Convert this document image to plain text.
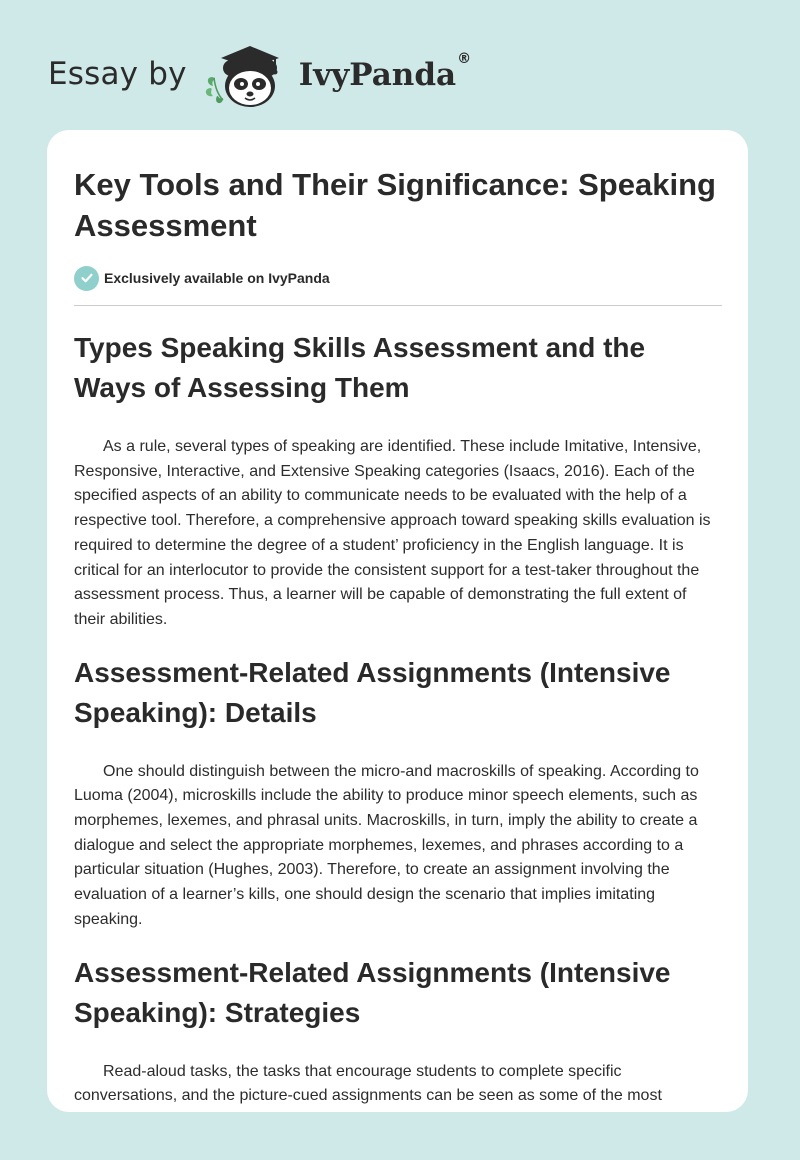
Essay by	IvyPanda®
Key Tools and Their Significance: Speaking Assessment
Exclusively available on IvyPanda
Types Speaking Skills Assessment and the Ways of Assessing Them

As a rule, several types of speaking are identified. These include Imitative, Intensive, Responsive, Interactive, and Extensive Speaking categories (Isaacs, 2016). Each of the specified aspects of an ability to communicate needs to be evaluated with the help of a respective tool. Therefore, a comprehensive approach toward speaking skills evaluation is required to determine the degree of a student’ proficiency in the English language. It is critical for an interlocutor to provide the consistent support for a test-taker throughout the assessment process. Thus, a learner will be capable of demonstrating the full extent of their abilities.

Assessment-Related Assignments (Intensive Speaking): Details

One should distinguish between the micro-and macroskills of speaking. According to Luoma (2004), microskills include the ability to produce minor speech elements, such as morphemes, lexemes, and phrasal units. Macroskills, in turn, imply the ability to create a dialogue and select the appropriate morphemes, lexemes, and phrases according to a particular situation (Hughes, 2003). Therefore, to create an assignment involving the evaluation of a learner’s kills, one should design the scenario that implies imitating speaking.

Assessment-Related Assignments (Intensive Speaking): Strategies

Read-aloud tasks, the tasks that encourage students to complete specific conversations, and the picture-cued assignments can be seen as some of the most
